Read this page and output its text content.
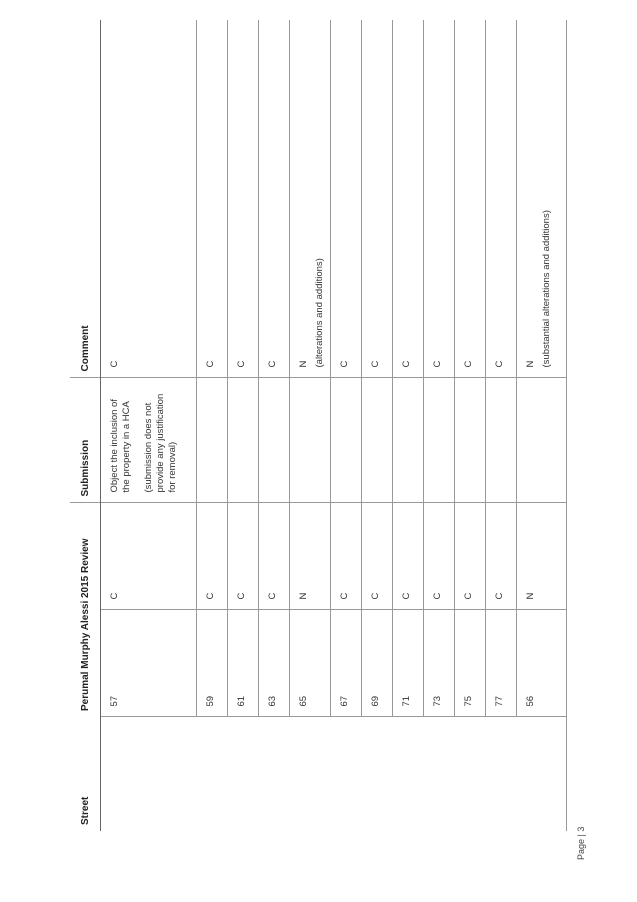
Street	Perumal Murphy Alessi 2015 Review		Submission	Comment

	57	C	Object the inclusion of the property in a HCA (submission does not provide any justification for removal)	C

	59	C		C

	61	C		C

	63	C		C

	65	N		N (alterations and additions)

	67	C		C

	69	C		C

	71	C		C

	73	C		C

	75	C		C

	77	C		C

	56	N		N (substantial alterations and additions)
Page | 3
